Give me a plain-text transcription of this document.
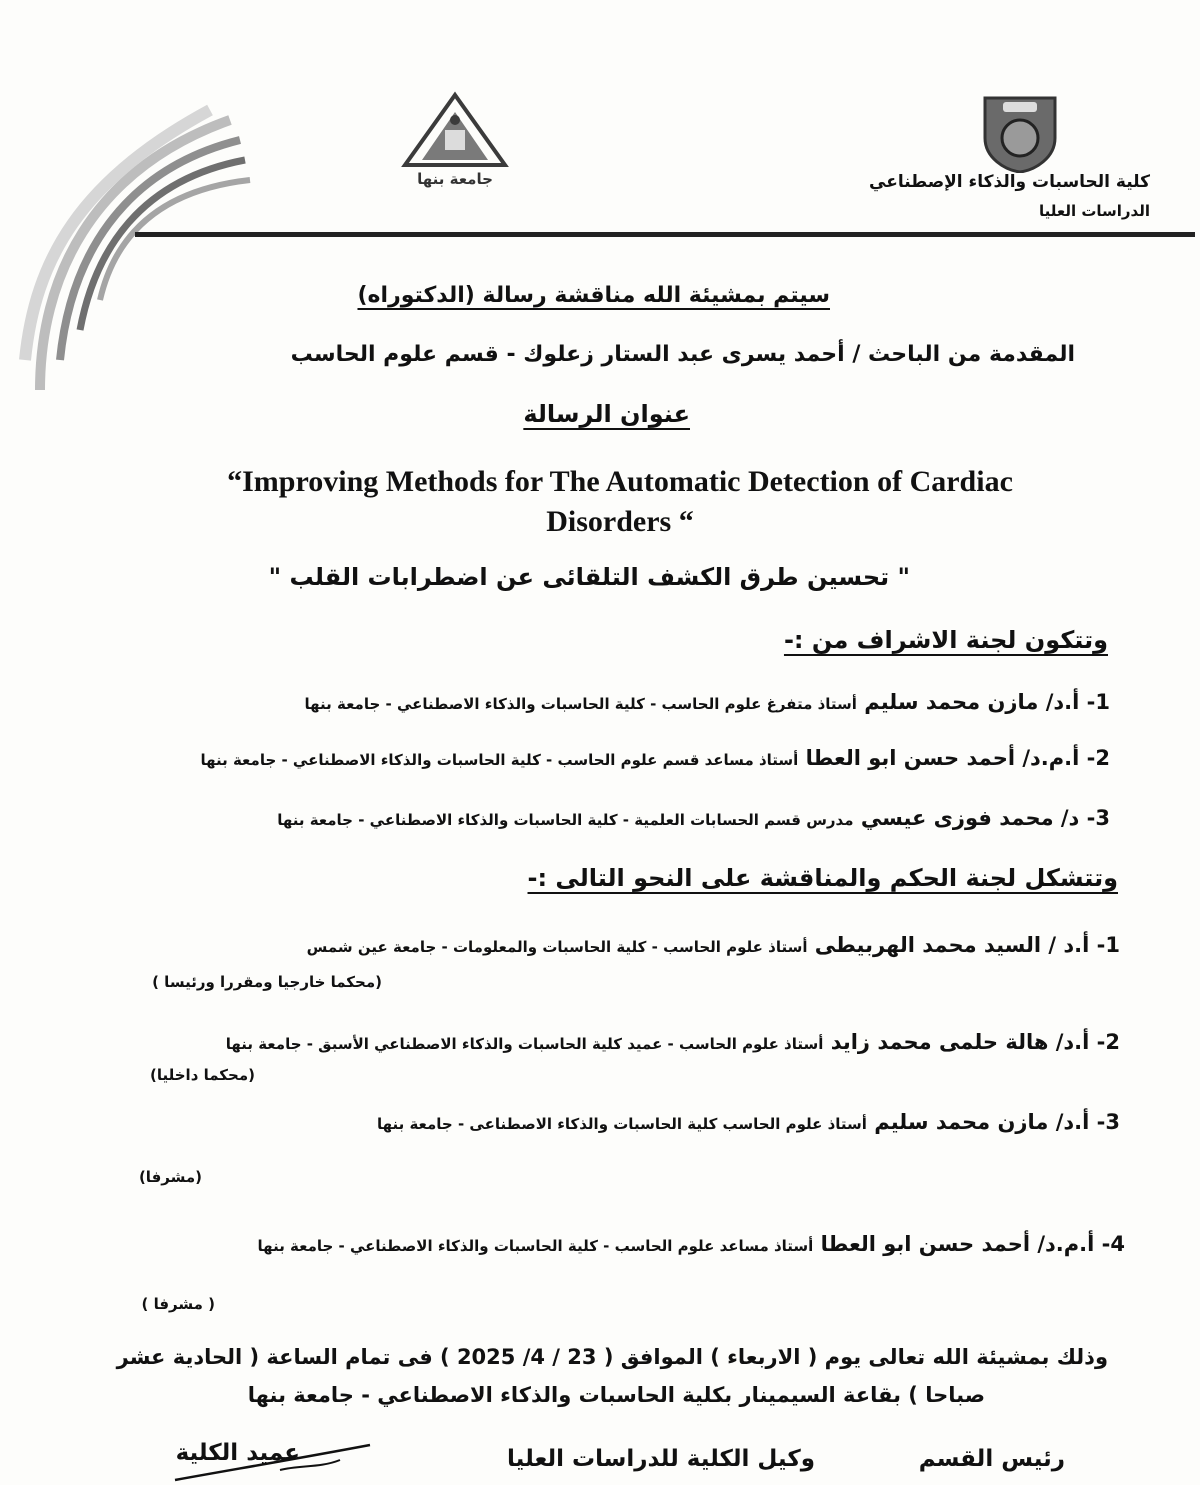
جامعة بنها	كلية الحاسبات والذكاء الإصطناعي
الدراسات العليا
سيتم بمشيئة الله مناقشة رسالة (الدكتوراه)
المقدمة من الباحث / أحمد يسرى عبد الستار زعلوك - قسم علوم الحاسب
عنوان الرسالة
“Improving Methods for The Automatic Detection of Cardiac
Disorders “
" تحسين طرق الكشف التلقائى عن اضطرابات القلب "
وتتكون لجنة الاشراف من :-
1- أ.د/ مازن محمد سليم أستاذ متفرغ علوم الحاسب - كلية الحاسبات والذكاء الاصطناعي - جامعة بنها
2- أ.م.د/ أحمد حسن ابو العطا أستاذ مساعد قسم علوم الحاسب - كلية الحاسبات والذكاء الاصطناعي - جامعة بنها
3- د/ محمد فوزى عيسي مدرس قسم الحسابات العلمية - كلية الحاسبات والذكاء الاصطناعي - جامعة بنها
وتتشكل لجنة الحكم والمناقشة على النحو التالى :-
1- أ.د / السيد محمد الهربيطى أستاذ علوم الحاسب - كلية الحاسبات والمعلومات - جامعة عين شمس
(محكما خارجيا ومقررا ورئيسا )
2- أ.د/ هالة حلمى محمد زايد أستاذ علوم الحاسب - عميد كلية الحاسبات والذكاء الاصطناعي الأسبق - جامعة بنها
(محكما داخليا)
3- أ.د/ مازن محمد سليم أستاذ علوم الحاسب كلية الحاسبات والذكاء الاصطناعى - جامعة بنها
(مشرفا)
4- أ.م.د/ أحمد حسن ابو العطا أستاذ مساعد علوم الحاسب - كلية الحاسبات والذكاء الاصطناعي - جامعة بنها
( مشرفا )
وذلك بمشيئة الله تعالى يوم ( الاربعاء ) الموافق ( 23 / 4/ 2025 ) فى تمام الساعة ( الحادية عشر
صباحا ) بقاعة السيمينار بكلية الحاسبات والذكاء الاصطناعي - جامعة بنها
رئيس القسم
وكيل الكلية للدراسات العليا
عميد الكلية
